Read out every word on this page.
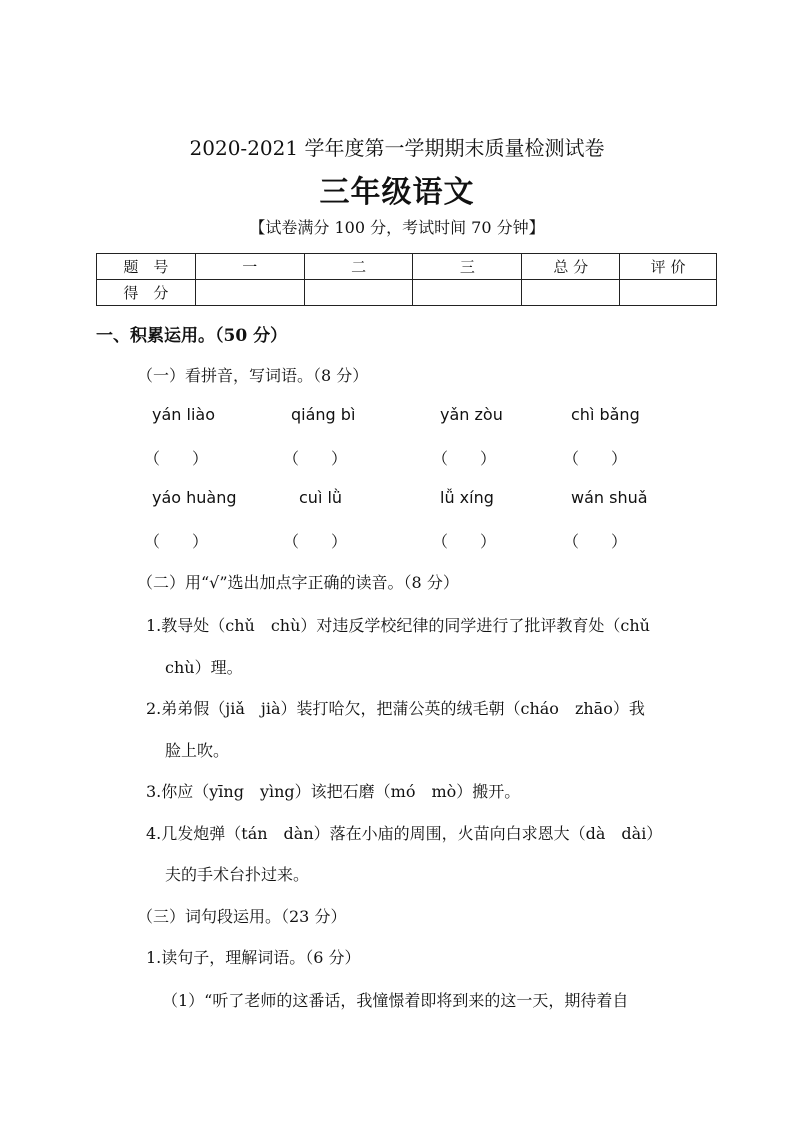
2020-2021 学年度第一学期期末质量检测试卷
三年级语文
【试卷满分 100 分，考试时间 70 分钟】
题　号	一	二	三	总 分	评 价
得　分					
一、积累运用。（50 分）
（一）看拼音，写词语。（8 分）
yán liào	qiáng bì	yǎn zòu	chì bǎng
（　　）	（　　）	（　　）	（　　）
yáo huàng	cuì lǜ	lǚ xíng	wán shuǎ
（　　）	（　　）	（　　）	（　　）
（二）用“√”选出加点字正确的读音。（8 分）
1.教导处（chǔ　chù）对违反学校纪律的同学进行了批评教育处（chǔ
chù）理。
2.弟弟假（jiǎ　jià）装打哈欠，把蒲公英的绒毛朝（cháo　zhāo）我
脸上吹。
3.你应（yīng　yìng）该把石磨（mó　mò）搬开。
4.几发炮弹（tán　dàn）落在小庙的周围，火苗向白求恩大（dà　dài）
夫的手术台扑过来。
（三）词句段运用。（23 分）
1.读句子，理解词语。（6 分）
（1）“听了老师的这番话，我憧憬着即将到来的这一天，期待着自
